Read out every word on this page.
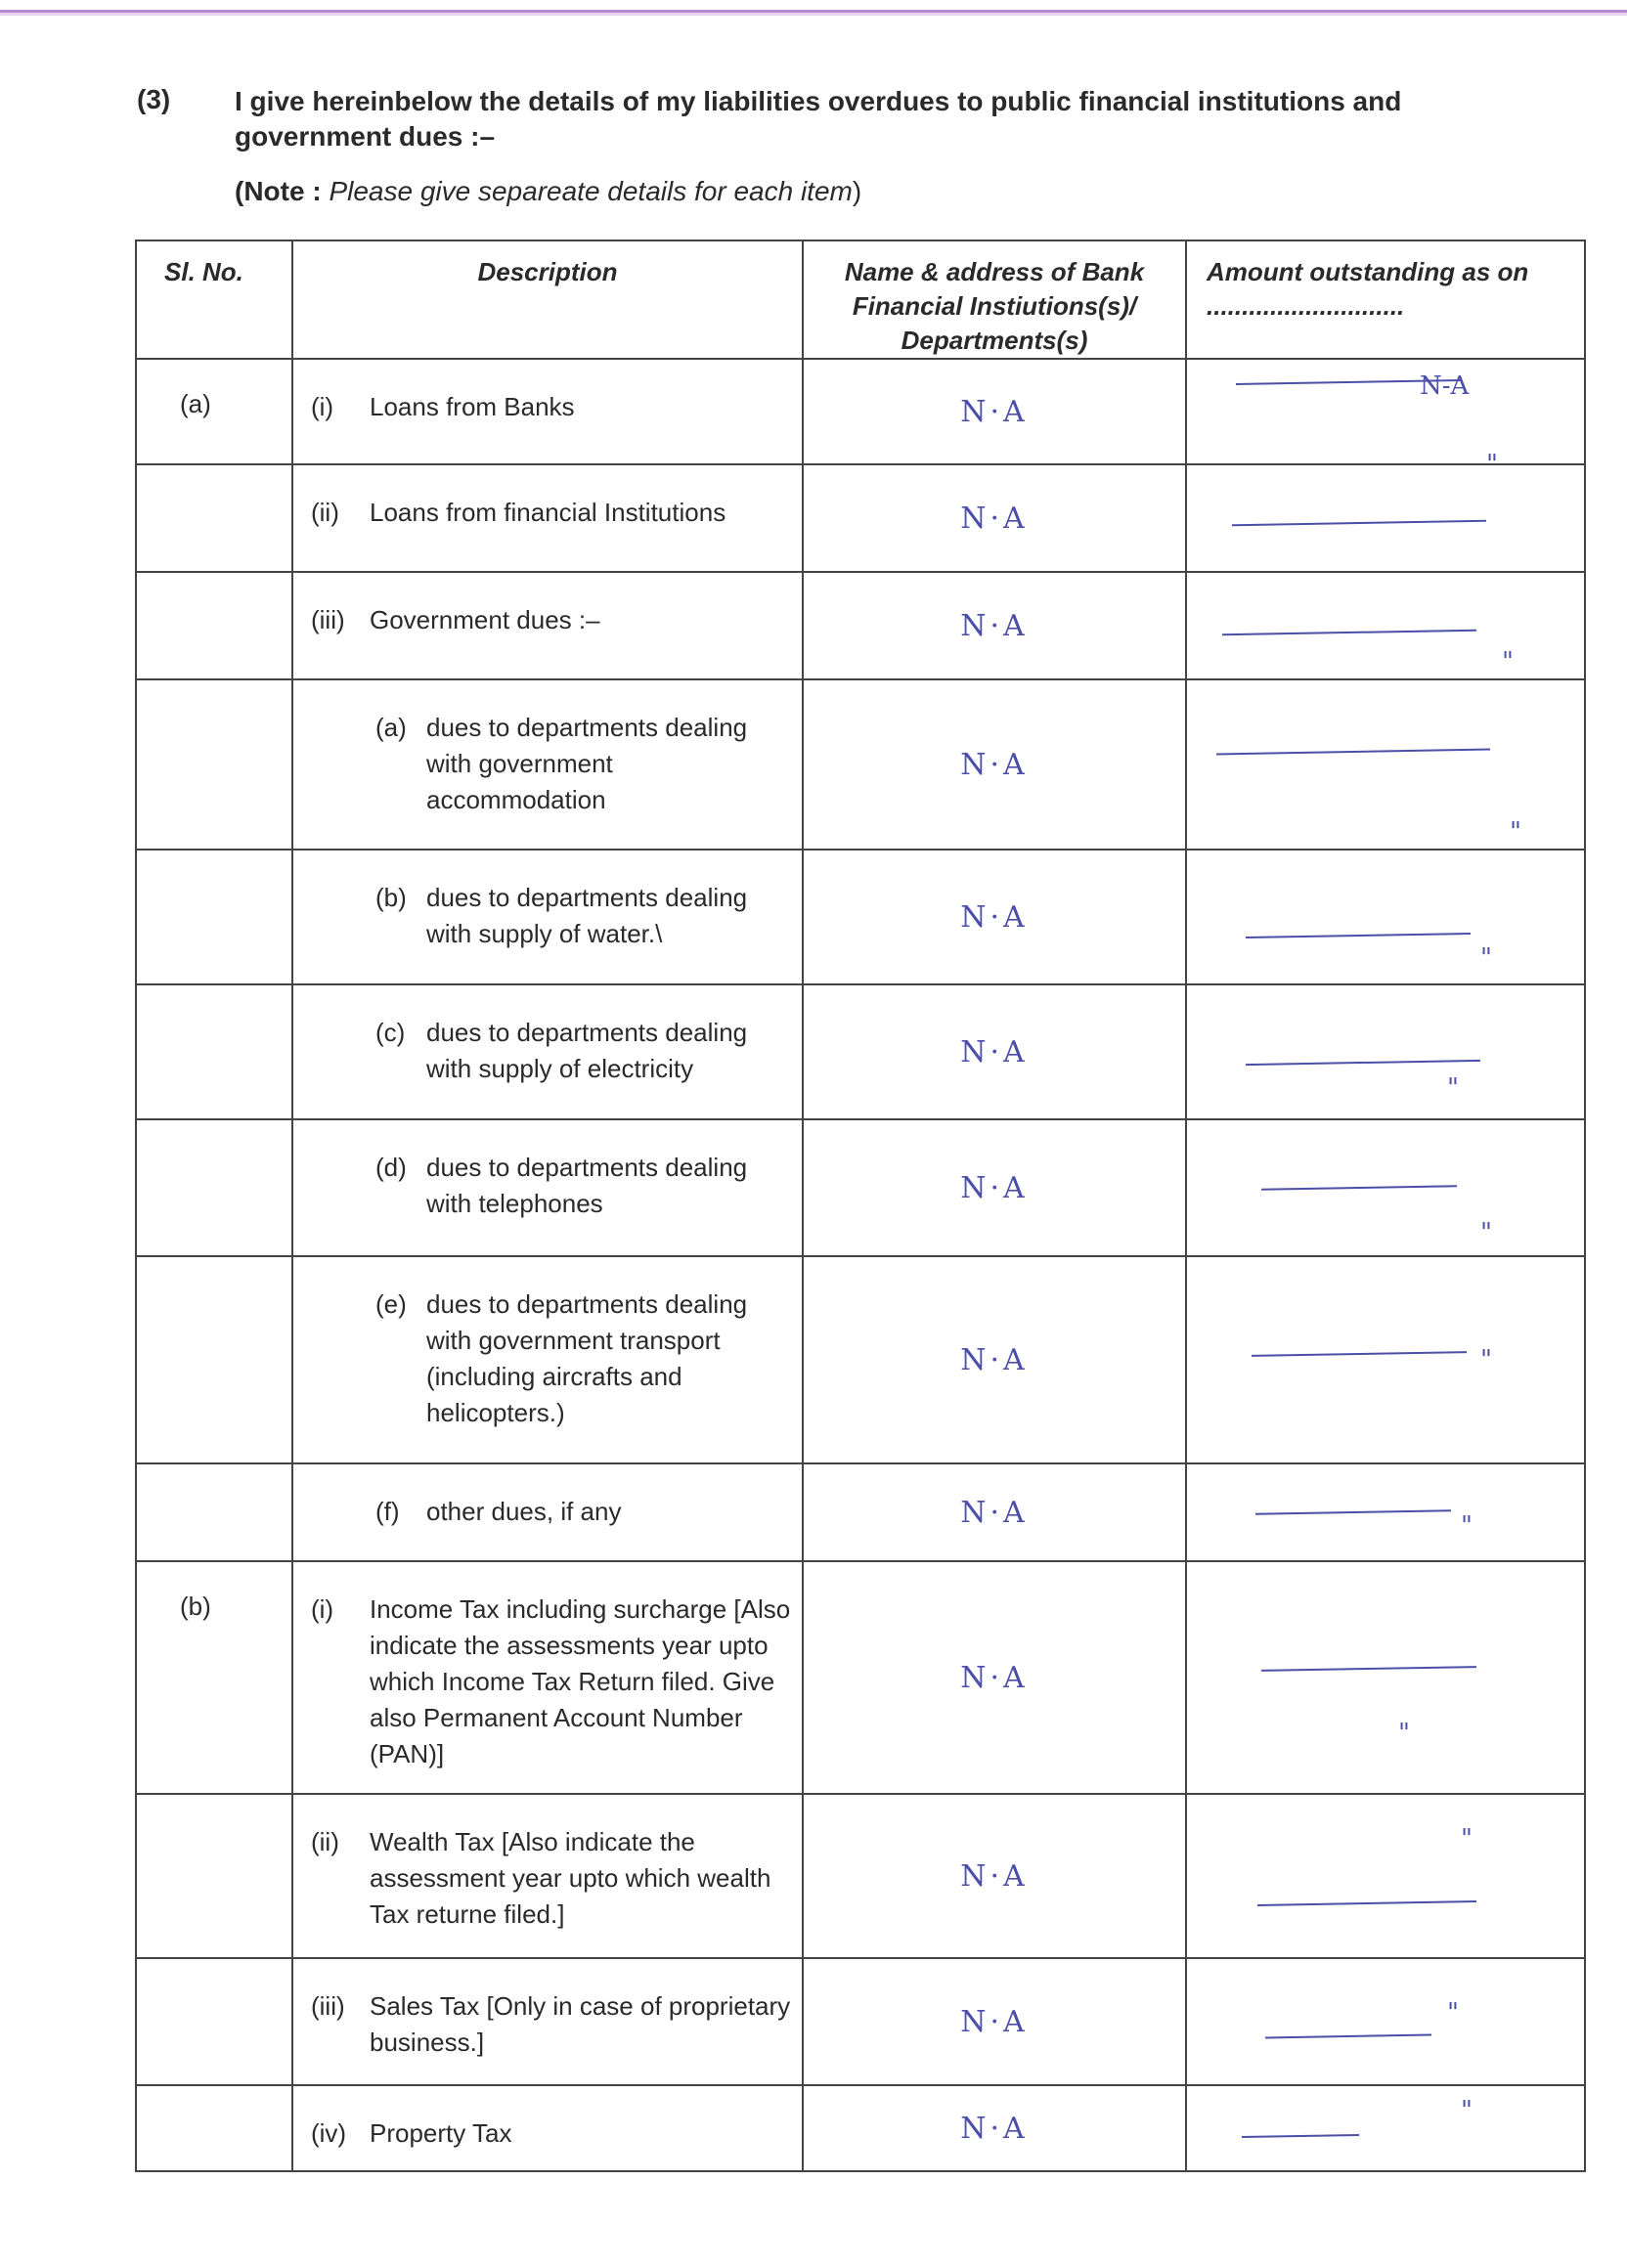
(3) I give hereinbelow the details of my liabilities overdues to public financial institutions and government dues :–
(Note : Please give separeate details for each item)
Sl. No.	Description	Name & address of Bank Financial Instiutions(s)/ Departments(s)	Amount outstanding as on ............................
(a)	(i) Loans from Banks	N·A	N-A

	(ii) Loans from financial Institutions	N·A	"

	(iii) Government dues :–	N·A	"

	(a) dues to departments dealing with government accommodation	N·A	"

	(b) dues to departments dealing with supply of water.\	N·A	"

	(c) dues to departments dealing with supply of electricity	N·A	"

	(d) dues to departments dealing with telephones	N·A	"

	(e) dues to departments dealing with government transport (including aircrafts and helicopters.)	N·A	"

	(f) other dues, if any	N·A	"

(b)	(i) Income Tax including surcharge [Also indicate the assessments year upto which Income Tax Return filed. Give also Permanent Account Number (PAN)]	N·A	"

	(ii) Wealth Tax [Also indicate the assessment year upto which wealth Tax returne filed.]	N·A	"

	(iii) Sales Tax [Only in case of proprietary business.]	N·A	"

	(iv) Property Tax	N·A	"
